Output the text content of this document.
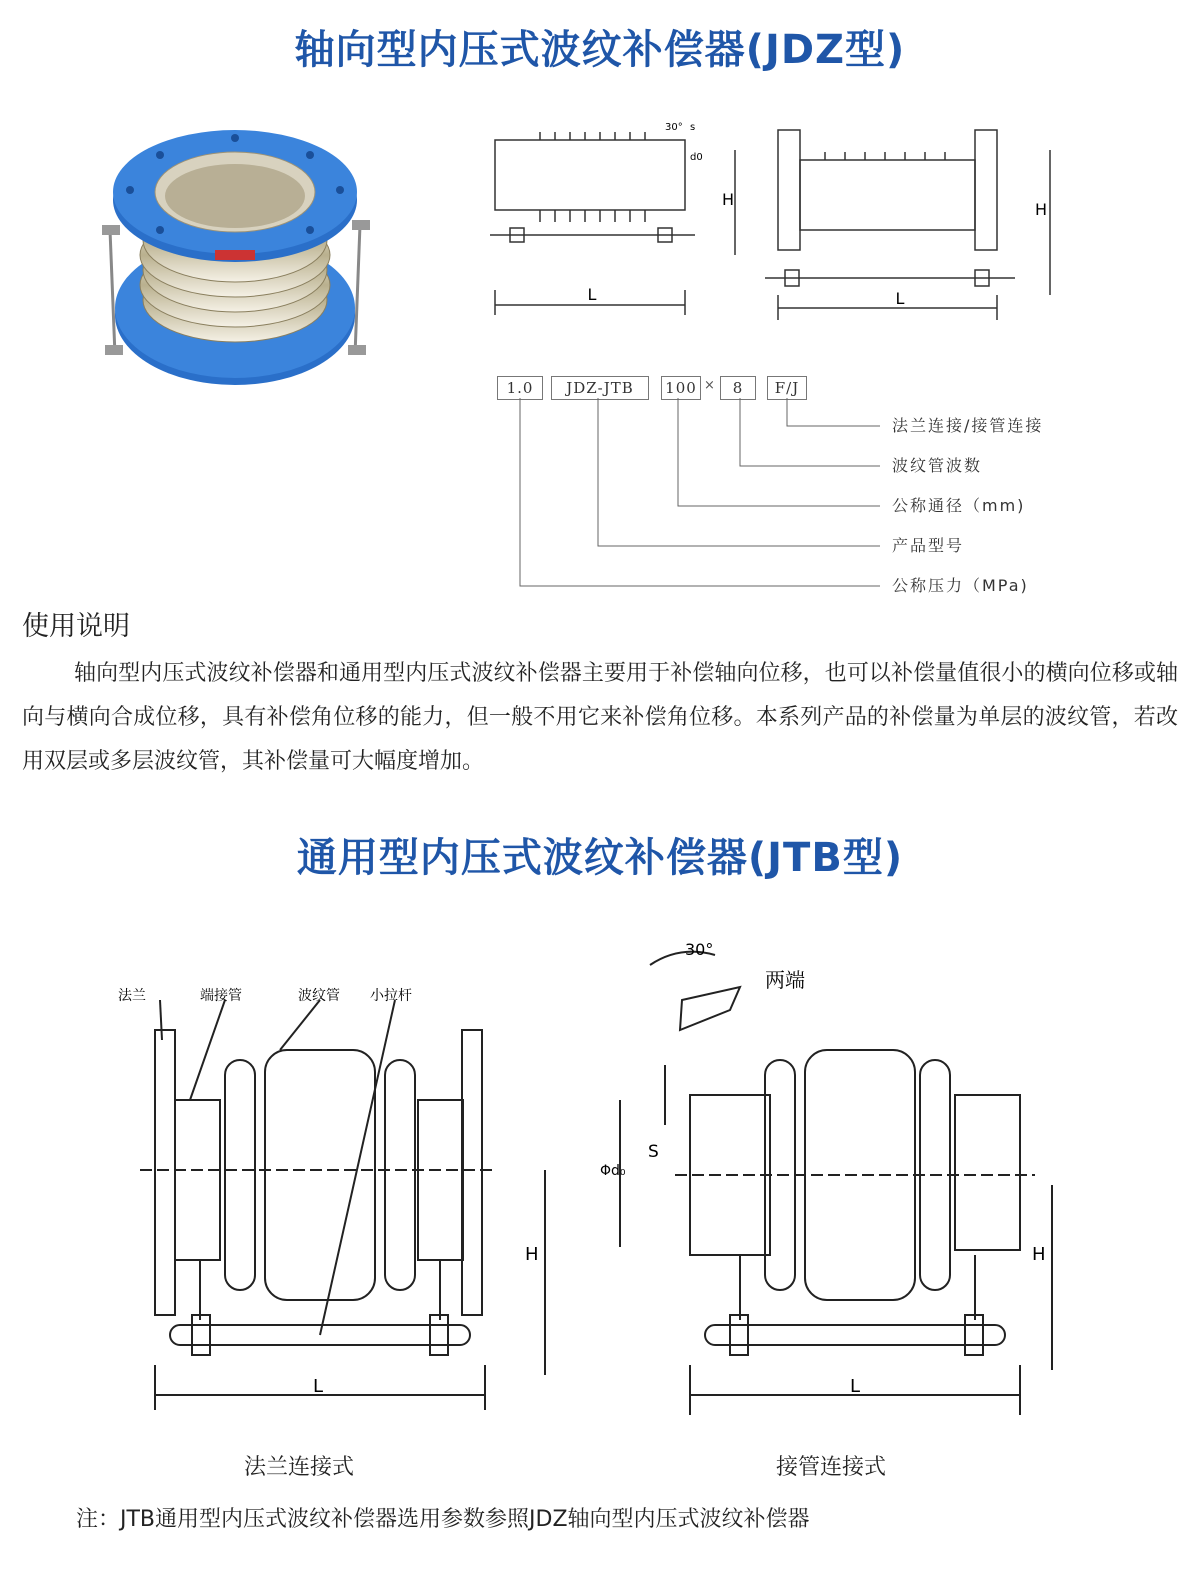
轴向型内压式波纹补偿器(JDZ型)
L
H
30° s
d0
L
H
1.0	JDZ-JTB	100 ×	8	F/J
法兰连接/接管连接
波纹管波数
公称通径（mm)
产品型号
公称压力（MPa)
使用说明
轴向型内压式波纹补偿器和通用型内压式波纹补偿器主要用于补偿轴向位移，也可以补偿量值很小的横向位移或轴向与横向合成位移，具有补偿角位移的能力，但一般不用它来补偿角位移。本系列产品的补偿量为单层的波纹管，若改用双层或多层波纹管，其补偿量可大幅度增加。
通用型内压式波纹补偿器(JTB型)
法兰	端接管	波纹管 小拉杆
L
H
30°
两端
S
Φd₀
L
H
法兰连接式	接管连接式
注：JTB通用型内压式波纹补偿器选用参数参照JDZ轴向型内压式波纹补偿器
